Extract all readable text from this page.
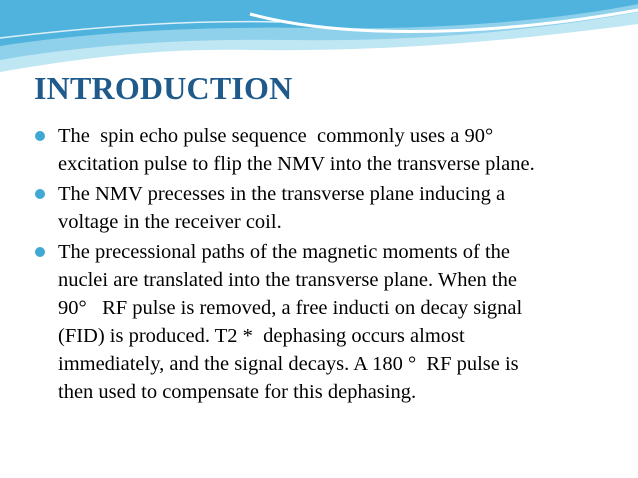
INTRODUCTION
The  spin echo pulse sequence  commonly uses a 90°
excitation pulse to flip the NMV into the transverse plane.
The NMV precesses in the transverse plane inducing a
voltage in the receiver coil.
The precessional paths of the magnetic moments of the
nuclei are translated into the transverse plane. When the
90°   RF pulse is removed, a free inducti on decay signal
(FID) is produced. T2 *  dephasing occurs almost
immediately, and the signal decays. A 180 °  RF pulse is
then used to compensate for this dephasing.
